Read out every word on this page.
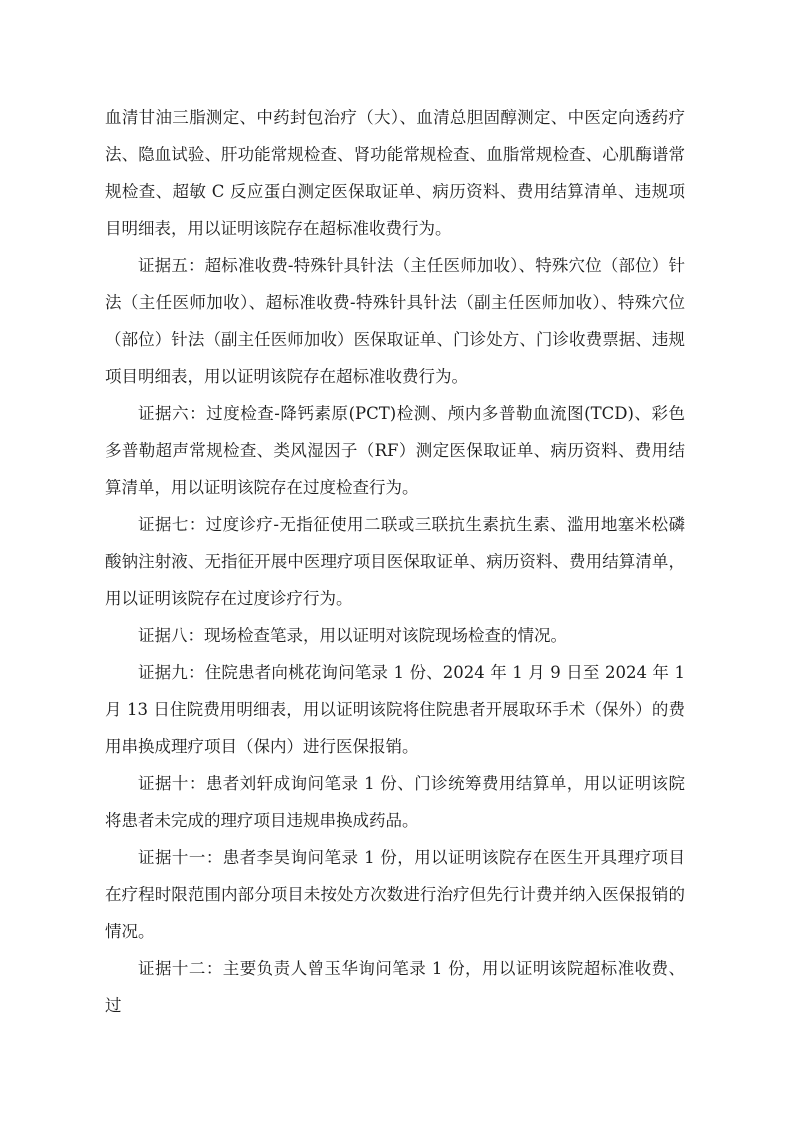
血清甘油三脂测定、中药封包治疗（大）、血清总胆固醇测定、中医定向透药疗法、隐血试验、肝功能常规检查、肾功能常规检查、血脂常规检查、心肌酶谱常规检查、超敏 C 反应蛋白测定医保取证单、病历资料、费用结算清单、违规项目明细表，用以证明该院存在超标准收费行为。

证据五：超标准收费-特殊针具针法（主任医师加收）、特殊穴位（部位）针法（主任医师加收）、超标准收费-特殊针具针法（副主任医师加收）、特殊穴位（部位）针法（副主任医师加收）医保取证单、门诊处方、门诊收费票据、违规项目明细表，用以证明该院存在超标准收费行为。

证据六：过度检查-降钙素原(PCT)检测、颅内多普勒血流图(TCD)、彩色多普勒超声常规检查、类风湿因子（RF）测定医保取证单、病历资料、费用结算清单，用以证明该院存在过度检查行为。

证据七：过度诊疗-无指征使用二联或三联抗生素抗生素、滥用地塞米松磷酸钠注射液、无指征开展中医理疗项目医保取证单、病历资料、费用结算清单，用以证明该院存在过度诊疗行为。

证据八：现场检查笔录，用以证明对该院现场检查的情况。

证据九：住院患者向桃花询问笔录 1 份、2024 年 1 月 9 日至 2024 年 1 月 13 日住院费用明细表，用以证明该院将住院患者开展取环手术（保外）的费用串换成理疗项目（保内）进行医保报销。

证据十：患者刘轩成询问笔录 1 份、门诊统筹费用结算单，用以证明该院将患者未完成的理疗项目违规串换成药品。

证据十一：患者李昊询问笔录 1 份，用以证明该院存在医生开具理疗项目在疗程时限范围内部分项目未按处方次数进行治疗但先行计费并纳入医保报销的情况。

证据十二：主要负责人曾玉华询问笔录 1 份，用以证明该院超标准收费、过
